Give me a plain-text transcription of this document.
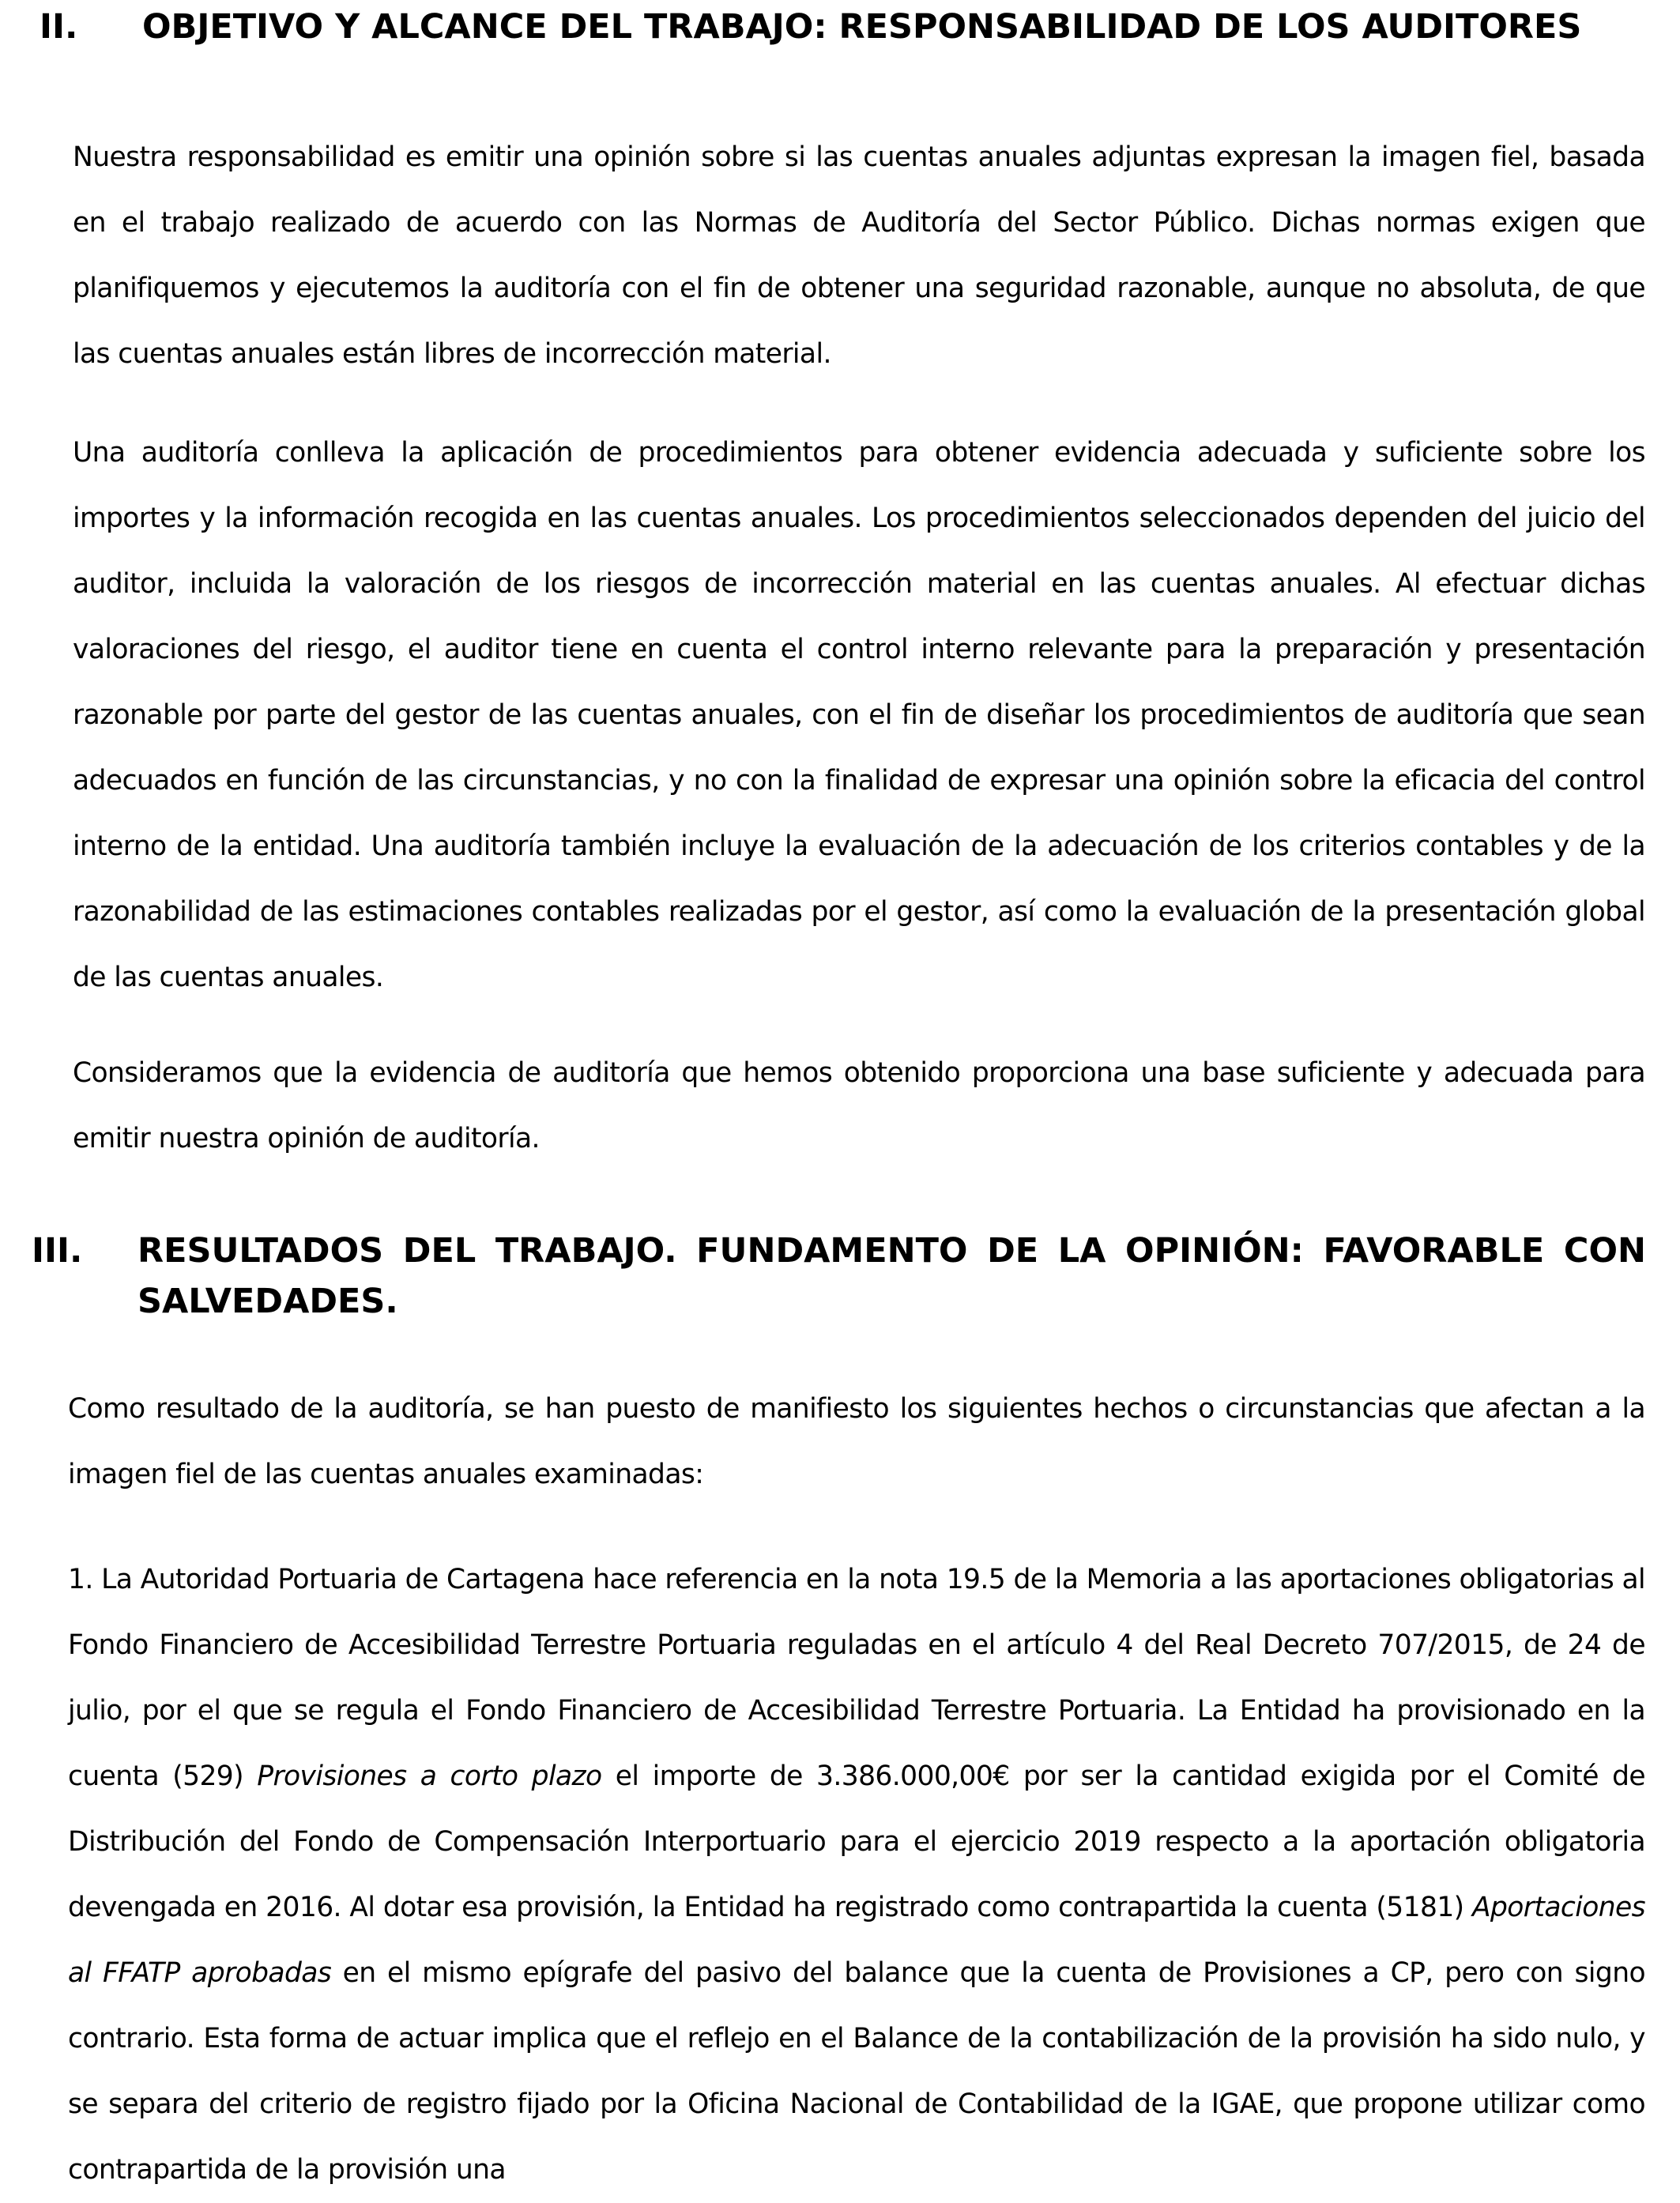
II. OBJETIVO Y ALCANCE DEL TRABAJO: RESPONSABILIDAD DE LOS AUDITORES

Nuestra responsabilidad es emitir una opinión sobre si las cuentas anuales adjuntas expresan la imagen fiel, basada en el trabajo realizado de acuerdo con las Normas de Auditoría del Sector Público. Dichas normas exigen que planifiquemos y ejecutemos la auditoría con el fin de obtener una seguridad razonable, aunque no absoluta, de que las cuentas anuales están libres de incorrección material.

Una auditoría conlleva la aplicación de procedimientos para obtener evidencia adecuada y suficiente sobre los importes y la información recogida en las cuentas anuales. Los procedimientos seleccionados dependen del juicio del auditor, incluida la valoración de los riesgos de incorrección material en las cuentas anuales. Al efectuar dichas valoraciones del riesgo, el auditor tiene en cuenta el control interno relevante para la preparación y presentación razonable por parte del gestor de las cuentas anuales, con el fin de diseñar los procedimientos de auditoría que sean adecuados en función de las circunstancias, y no con la finalidad de expresar una opinión sobre la eficacia del control interno de la entidad. Una auditoría también incluye la evaluación de la adecuación de los criterios contables y de la razonabilidad de las estimaciones contables realizadas por el gestor, así como la evaluación de la presentación global de las cuentas anuales.

Consideramos que la evidencia de auditoría que hemos obtenido proporciona una base suficiente y adecuada para emitir nuestra opinión de auditoría.

III. RESULTADOS DEL TRABAJO. FUNDAMENTO DE LA OPINIÓN: FAVORABLE CON SALVEDADES.

Como resultado de la auditoría, se han puesto de manifiesto los siguientes hechos o circunstancias que afectan a la imagen fiel de las cuentas anuales examinadas:

1. La Autoridad Portuaria de Cartagena hace referencia en la nota 19.5 de la Memoria a las aportaciones obligatorias al Fondo Financiero de Accesibilidad Terrestre Portuaria reguladas en el artículo 4 del Real Decreto 707/2015, de 24 de julio, por el que se regula el Fondo Financiero de Accesibilidad Terrestre Portuaria. La Entidad ha provisionado en la cuenta (529) Provisiones a corto plazo el importe de 3.386.000,00€ por ser la cantidad exigida por el Comité de Distribución del Fondo de Compensación Interportuario para el ejercicio 2019 respecto a la aportación obligatoria devengada en 2016. Al dotar esa provisión, la Entidad ha registrado como contrapartida la cuenta (5181) Aportaciones al FFATP aprobadas en el mismo epígrafe del pasivo del balance que la cuenta de Provisiones a CP, pero con signo contrario. Esta forma de actuar implica que el reflejo en el Balance de la contabilización de la provisión ha sido nulo, y se separa del criterio de registro fijado por la Oficina Nacional de Contabilidad de la IGAE, que propone utilizar como contrapartida de la provisión una
